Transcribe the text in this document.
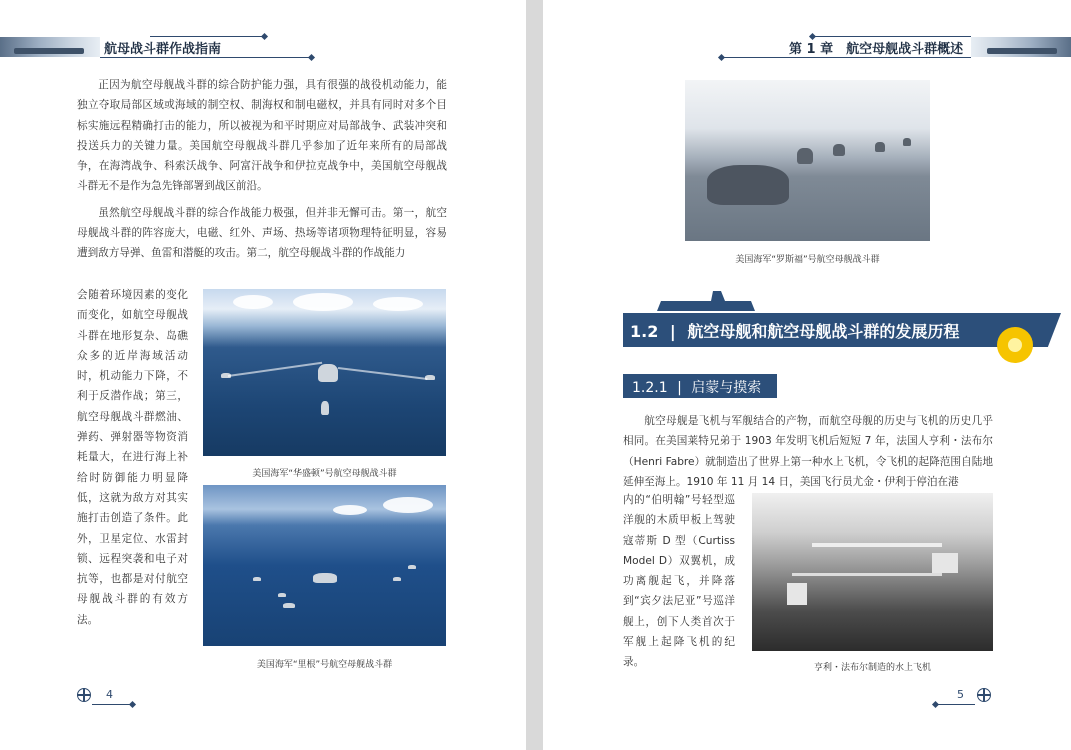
航母战斗群作战指南

正因为航空母舰战斗群的综合防护能力强，具有很强的战役机动能力，能独立夺取局部区域或海域的制空权、制海权和制电磁权，并具有同时对多个目标实施远程精确打击的能力，所以被视为和平时期应对局部战争、武装冲突和投送兵力的关键力量。美国航空母舰战斗群几乎参加了近年来所有的局部战争，在海湾战争、科索沃战争、阿富汗战争和伊拉克战争中，美国航空母舰战斗群无不是作为急先锋部署到战区前沿。

虽然航空母舰战斗群的综合作战能力极强，但并非无懈可击。第一，航空母舰战斗群的阵容庞大，电磁、红外、声场、热场等诸项物理特征明显，容易遭到敌方导弹、鱼雷和潜艇的攻击。第二，航空母舰战斗群的作战能力

会随着环境因素的变化而变化，如航空母舰战斗群在地形复杂、岛礁众多的近岸海域活动时，机动能力下降，不利于反潜作战；第三，航空母舰战斗群燃油、弹药、弹射器等物资消耗量大，在进行海上补给时防御能力明显降低，这就为敌方对其实施打击创造了条件。此外，卫星定位、水雷封锁、远程突袭和电子对抗等，也都是对付航空母舰战斗群的有效方法。

美国海军“华盛顿”号航空母舰战斗群
美国海军“里根”号航空母舰战斗群
4
第 1 章　航空母舰战斗群概述
美国海军“罗斯福”号航空母舰战斗群
1.2 | 航空母舰和航空母舰战斗群的发展历程
1.2.1 | 启蒙与摸索

航空母舰是飞机与军舰结合的产物，而航空母舰的历史与飞机的历史几乎相同。在美国莱特兄弟于 1903 年发明飞机后短短 7 年，法国人亨利・法布尔（Henri Fabre）就制造出了世界上第一种水上飞机，令飞机的起降范围自陆地延伸至海上。1910 年 11 月 14 日，美国飞行员尤金・伊利于停泊在港

内的“伯明翰”号轻型巡洋舰的木质甲板上驾驶寇蒂斯 D 型（Curtiss Model D）双翼机，成功离舰起飞，并降落到“宾夕法尼亚”号巡洋舰上，创下人类首次于军舰上起降飞机的纪录。	亨利・法布尔制造的水上飞机
5
